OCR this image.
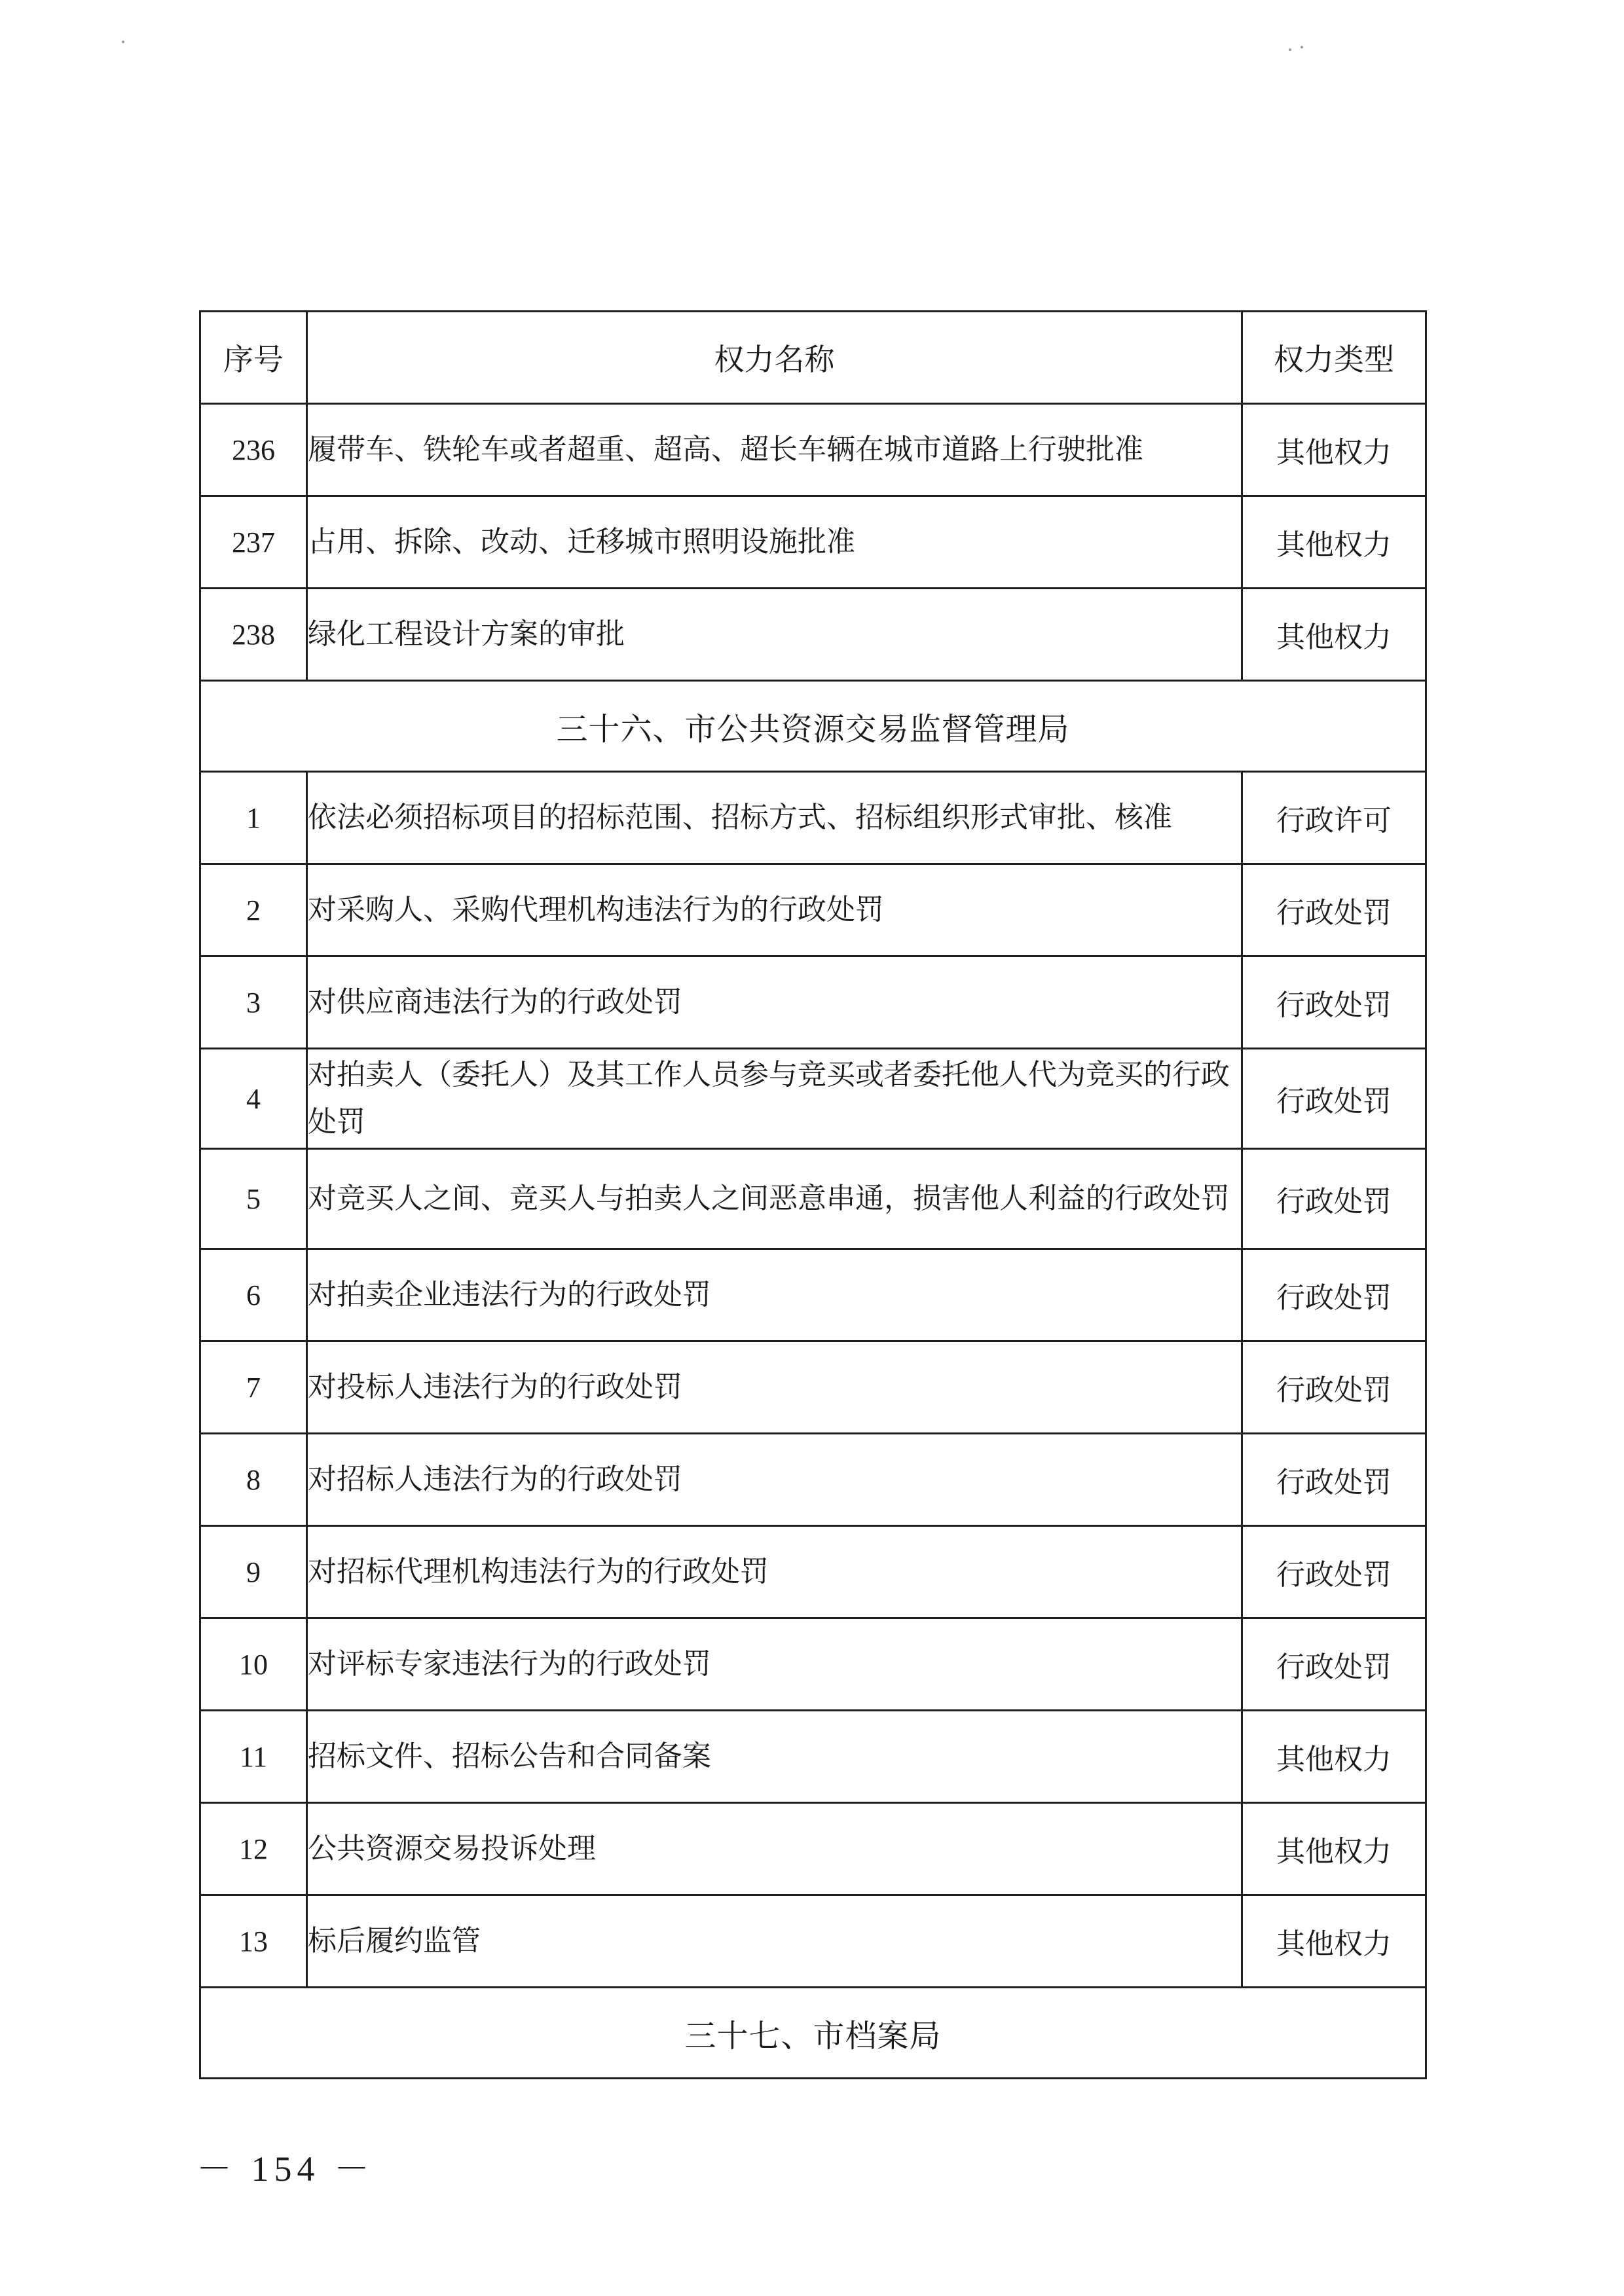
序号	权力名称	权力类型
236	履带车、铁轮车或者超重、超高、超长车辆在城市道路上行驶批准	其他权力
237	占用、拆除、改动、迁移城市照明设施批准	其他权力
238	绿化工程设计方案的审批	其他权力
三十六、市公共资源交易监督管理局		
1	依法必须招标项目的招标范围、招标方式、招标组织形式审批、核准	行政许可
2	对采购人、采购代理机构违法行为的行政处罚	行政处罚
3	对供应商违法行为的行政处罚	行政处罚
4	对拍卖人（委托人）及其工作人员参与竞买或者委托他人代为竞买的行政处罚	行政处罚
5	对竞买人之间、竞买人与拍卖人之间恶意串通，损害他人利益的行政处罚	行政处罚
6	对拍卖企业违法行为的行政处罚	行政处罚
7	对投标人违法行为的行政处罚	行政处罚
8	对招标人违法行为的行政处罚	行政处罚
9	对招标代理机构违法行为的行政处罚	行政处罚
10	对评标专家违法行为的行政处罚	行政处罚
11	招标文件、招标公告和合同备案	其他权力
12	公共资源交易投诉处理	其他权力
13	标后履约监管	其他权力
三十七、市档案局		
－ 154 －
